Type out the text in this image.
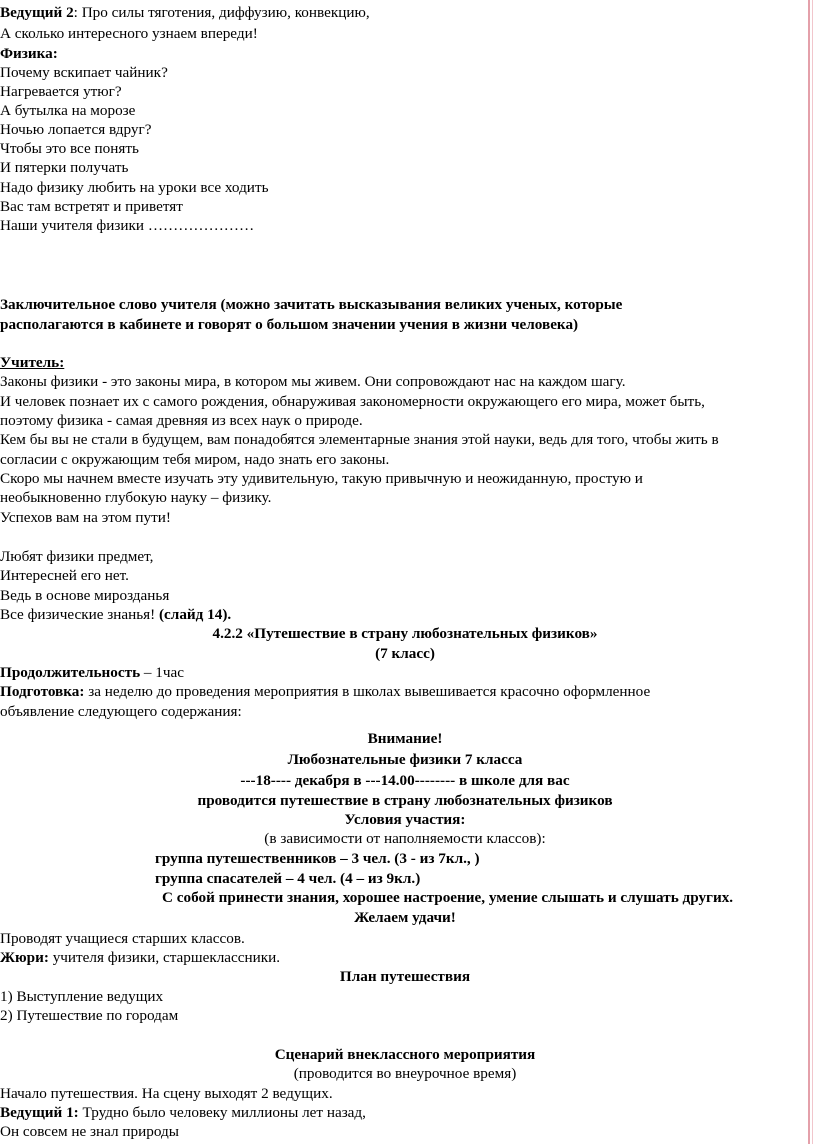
Ведущий 2: Про силы тяготения, диффузию, конвекцию,
А сколько интересного узнаем впереди!
Физика:
Почему вскипает чайник?
Нагревается утюг?
А бутылка на морозе
Ночью лопается вдруг?
Чтобы это все понять
И пятерки получать
Надо физику любить на уроки все ходить
Вас там встретят и приветят
Наши учителя физики …………………
Заключительное слово учителя (можно зачитать высказывания великих ученых, которые
располагаются в кабинете и говорят о большом значении учения в жизни человека)
Учитель:
Законы физики - это законы мира, в котором мы живем. Они сопровождают нас на каждом шагу.
И человек познает их с самого рождения, обнаруживая закономерности окружающего его мира, может быть,
поэтому физика - самая древняя из всех наук о природе.
Кем бы вы не стали в будущем, вам понадобятся элементарные знания этой науки, ведь для того, чтобы жить в
согласии с окружающим тебя миром, надо знать его законы.
Скоро мы начнем вместе изучать эту удивительную, такую привычную и неожиданную, простую и
необыкновенно глубокую науку – физику.
Успехов вам на этом пути!
Любят физики предмет,
Интересней его нет.
Ведь в основе мирозданья
Все физические знанья! (слайд 14).
4.2.2 «Путешествие в страну любознательных физиков»
(7 класс)
Продолжительность – 1час
Подготовка: за неделю до проведения мероприятия в школах вывешивается красочно оформленное
объявление следующего содержания:
Внимание!
Любознательные физики 7 класса
---18---- декабря в ---14.00-------- в школе для вас
проводится путешествие в страну любознательных физиков
Условия участия:
(в зависимости от наполняемости классов):
группа путешественников – 3 чел. (3 - из 7кл., )
группа спасателей – 4 чел. (4 – из 9кл.)
С собой принести знания, хорошее настроение, умение слышать и слушать других.
Желаем удачи!
Проводят учащиеся старших классов.
Жюри: учителя физики, старшеклассники.
План путешествия
1) Выступление ведущих
2) Путешествие по городам
Сценарий внеклассного мероприятия
(проводится во внеурочное время)
Начало путешествия. На сцену выходят 2 ведущих.
Ведущий 1: Трудно было человеку миллионы лет назад,
Он совсем не знал природы
